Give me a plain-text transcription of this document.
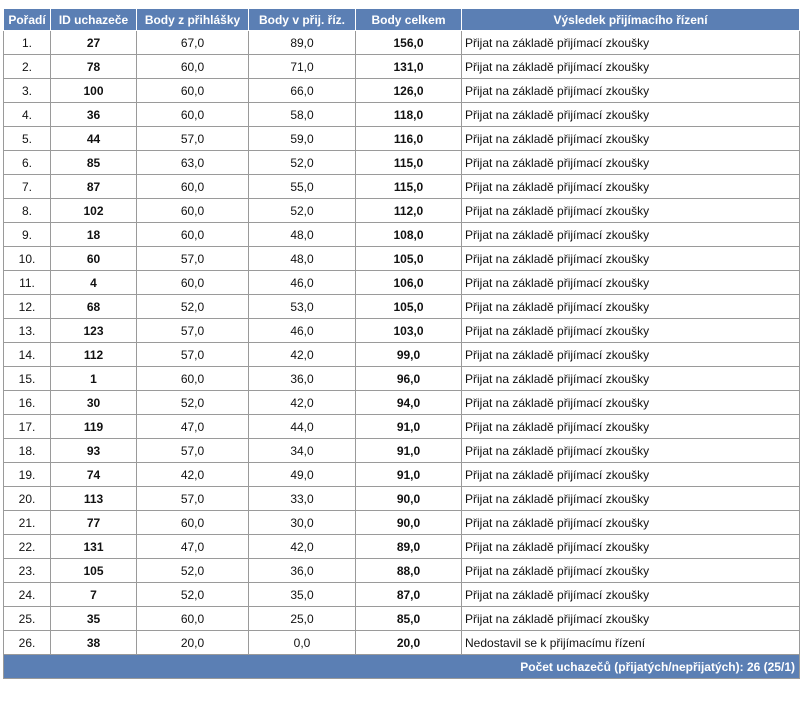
Pořadí	ID uchazeče	Body z přihlášky	Body v přij. říz.	Body celkem	Výsledek přijímacího řízení
1.	27	67,0	89,0	156,0	Přijat na základě přijímací zkoušky
2.	78	60,0	71,0	131,0	Přijat na základě přijímací zkoušky
3.	100	60,0	66,0	126,0	Přijat na základě přijímací zkoušky
4.	36	60,0	58,0	118,0	Přijat na základě přijímací zkoušky
5.	44	57,0	59,0	116,0	Přijat na základě přijímací zkoušky
6.	85	63,0	52,0	115,0	Přijat na základě přijímací zkoušky
7.	87	60,0	55,0	115,0	Přijat na základě přijímací zkoušky
8.	102	60,0	52,0	112,0	Přijat na základě přijímací zkoušky
9.	18	60,0	48,0	108,0	Přijat na základě přijímací zkoušky
10.	60	57,0	48,0	105,0	Přijat na základě přijímací zkoušky
11.	4	60,0	46,0	106,0	Přijat na základě přijímací zkoušky
12.	68	52,0	53,0	105,0	Přijat na základě přijímací zkoušky
13.	123	57,0	46,0	103,0	Přijat na základě přijímací zkoušky
14.	112	57,0	42,0	99,0	Přijat na základě přijímací zkoušky
15.	1	60,0	36,0	96,0	Přijat na základě přijímací zkoušky
16.	30	52,0	42,0	94,0	Přijat na základě přijímací zkoušky
17.	119	47,0	44,0	91,0	Přijat na základě přijímací zkoušky
18.	93	57,0	34,0	91,0	Přijat na základě přijímací zkoušky
19.	74	42,0	49,0	91,0	Přijat na základě přijímací zkoušky
20.	113	57,0	33,0	90,0	Přijat na základě přijímací zkoušky
21.	77	60,0	30,0	90,0	Přijat na základě přijímací zkoušky
22.	131	47,0	42,0	89,0	Přijat na základě přijímací zkoušky
23.	105	52,0	36,0	88,0	Přijat na základě přijímací zkoušky
24.	7	52,0	35,0	87,0	Přijat na základě přijímací zkoušky
25.	35	60,0	25,0	85,0	Přijat na základě přijímací zkoušky
26.	38	20,0	0,0	20,0	Nedostavil se k přijímacímu řízení
Počet uchazečů (přijatých/nepřijatých): 26 (25/1)					
